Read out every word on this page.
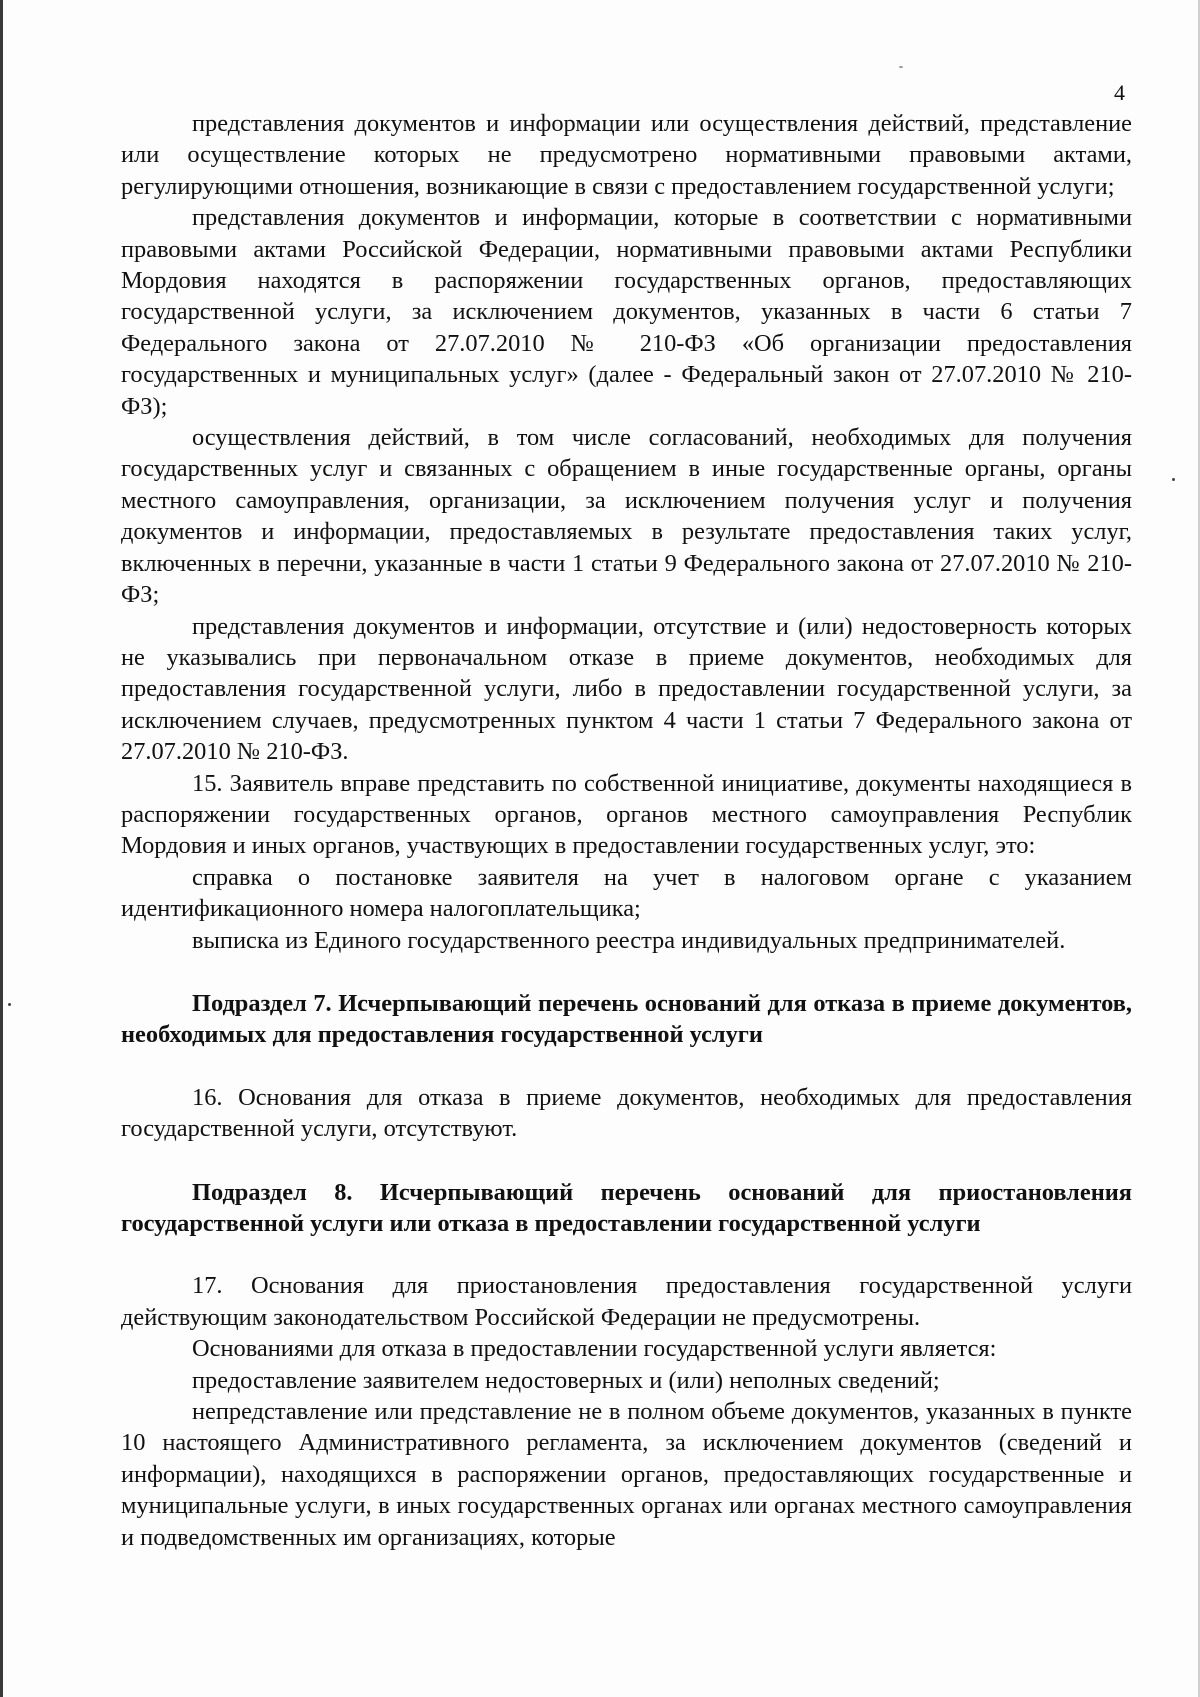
4

представления документов и информации или осуществления действий, представление или осуществление которых не предусмотрено нормативными правовыми актами, регулирующими отношения, возникающие в связи с предоставлением государственной услуги;

представления документов и информации, которые в соответствии с нормативными правовыми актами Российской Федерации, нормативными правовыми актами Республики Мордовия находятся в распоряжении государственных органов, предоставляющих государственной услуги, за исключением документов, указанных в части 6 статьи 7 Федерального закона от 27.07.2010 № 210-ФЗ «Об организации предоставления государственных и муниципальных услуг» (далее - Федеральный закон от 27.07.2010 № 210-ФЗ);

осуществления действий, в том числе согласований, необходимых для получения государственных услуг и связанных с обращением в иные государственные органы, органы местного самоуправления, организации, за исключением получения услуг и получения документов и информации, предоставляемых в результате предоставления таких услуг, включенных в перечни, указанные в части 1 статьи 9 Федерального закона от 27.07.2010 № 210-ФЗ;

представления документов и информации, отсутствие и (или) недостоверность которых не указывались при первоначальном отказе в приеме документов, необходимых для предоставления государственной услуги, либо в предоставлении государственной услуги, за исключением случаев, предусмотренных пунктом 4 части 1 статьи 7 Федерального закона от 27.07.2010 № 210-ФЗ.

15. Заявитель вправе представить по собственной инициативе, документы находящиеся в распоряжении государственных органов, органов местного самоуправления Республик Мордовия и иных органов, участвующих в предоставлении государственных услуг, это:

справка о постановке заявителя на учет в налоговом органе с указанием идентификационного номера налогоплательщика;

выписка из Единого государственного реестра индивидуальных предпринимателей.

Подраздел 7. Исчерпывающий перечень оснований для отказа в приеме документов, необходимых для предоставления государственной услуги

16. Основания для отказа в приеме документов, необходимых для предоставления государственной услуги, отсутствуют.

Подраздел 8. Исчерпывающий перечень оснований для приостановления государственной услуги или отказа в предоставлении государственной услуги

17. Основания для приостановления предоставления государственной услуги действующим законодательством Российской Федерации не предусмотрены.

Основаниями для отказа в предоставлении государственной услуги является:

предоставление заявителем недостоверных и (или) неполных сведений;

непредставление или представление не в полном объеме документов, указанных в пункте 10 настоящего Административного регламента, за исключением документов (сведений и информации), находящихся в распоряжении органов, предоставляющих государственные и муниципальные услуги, в иных государственных органах или органах местного самоуправления и подведомственных им организациях, которые
